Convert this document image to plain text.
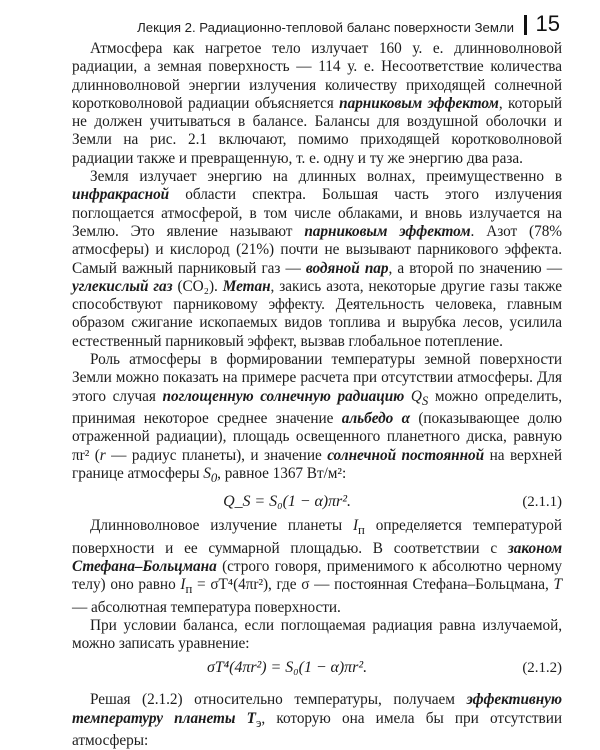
Лекция 2. Радиационно-тепловой баланс поверхности Земли 15

Атмосфера как нагретое тело излучает 160 у. е. длинноволновой радиации, а земная поверхность — 114 у. е. Несоответствие количества длинноволновой энергии излучения количеству приходящей солнечной коротковолновой радиации объясняется парниковым эффектом, который не должен учитываться в балансе. Балансы для воздушной оболочки и Земли на рис. 2.1 включают, помимо приходящей коротковолновой радиации также и превращенную, т. е. одну и ту же энергию два раза.

Земля излучает энергию на длинных волнах, преимущественно в инфракрасной области спектра. Большая часть этого излучения поглощается атмосферой, в том числе облаками, и вновь излучается на Землю. Это явление называют парниковым эффектом. Азот (78% атмосферы) и кислород (21%) почти не вызывают парникового эффекта. Самый важный парниковый газ — водяной пар, а второй по значению — углекислый газ (CO₂). Метан, закись азота, некоторые другие газы также способствуют парниковому эффекту. Деятельность человека, главным образом сжигание ископаемых видов топлива и вырубка лесов, усилила естественный парниковый эффект, вызвав глобальное потепление.

Роль атмосферы в формировании температуры земной поверхности Земли можно показать на примере расчета при отсутствии атмосферы. Для этого случая поглощенную солнечную радиацию $Q_S$ можно определить, принимая некоторое среднее значение альбедо α (показывающее долю отраженной радиации), площадь освещенного планетного диска, равную πr² (r — радиус планеты), и значение солнечной постоянной на верхней границе атмосферы $S_0$, равное 1367 Вт/м²:

Q_S = S₀(1 − α)πr².	(2.1.1)

Длинноволновое излучение планеты $I_п$ определяется температурой поверхности и ее суммарной площадью. В соответствии с законом Стефана–Больцмана (строго говоря, применимого к абсолютно черному телу) оно равно $I_п = \sigma T^4(4\pi r^2)$, где σ — постоянная Стефана–Больцмана, T — абсолютная температура поверхности.

При условии баланса, если поглощаемая радиация равна излучаемой, можно записать уравнение:

σT⁴(4πr²) = S₀(1 − α)πr².	(2.1.2)

Решая (2.1.2) относительно температуры, получаем эффективную температуру планеты $T_э$, которую она имела бы при отсутствии атмосферы:
